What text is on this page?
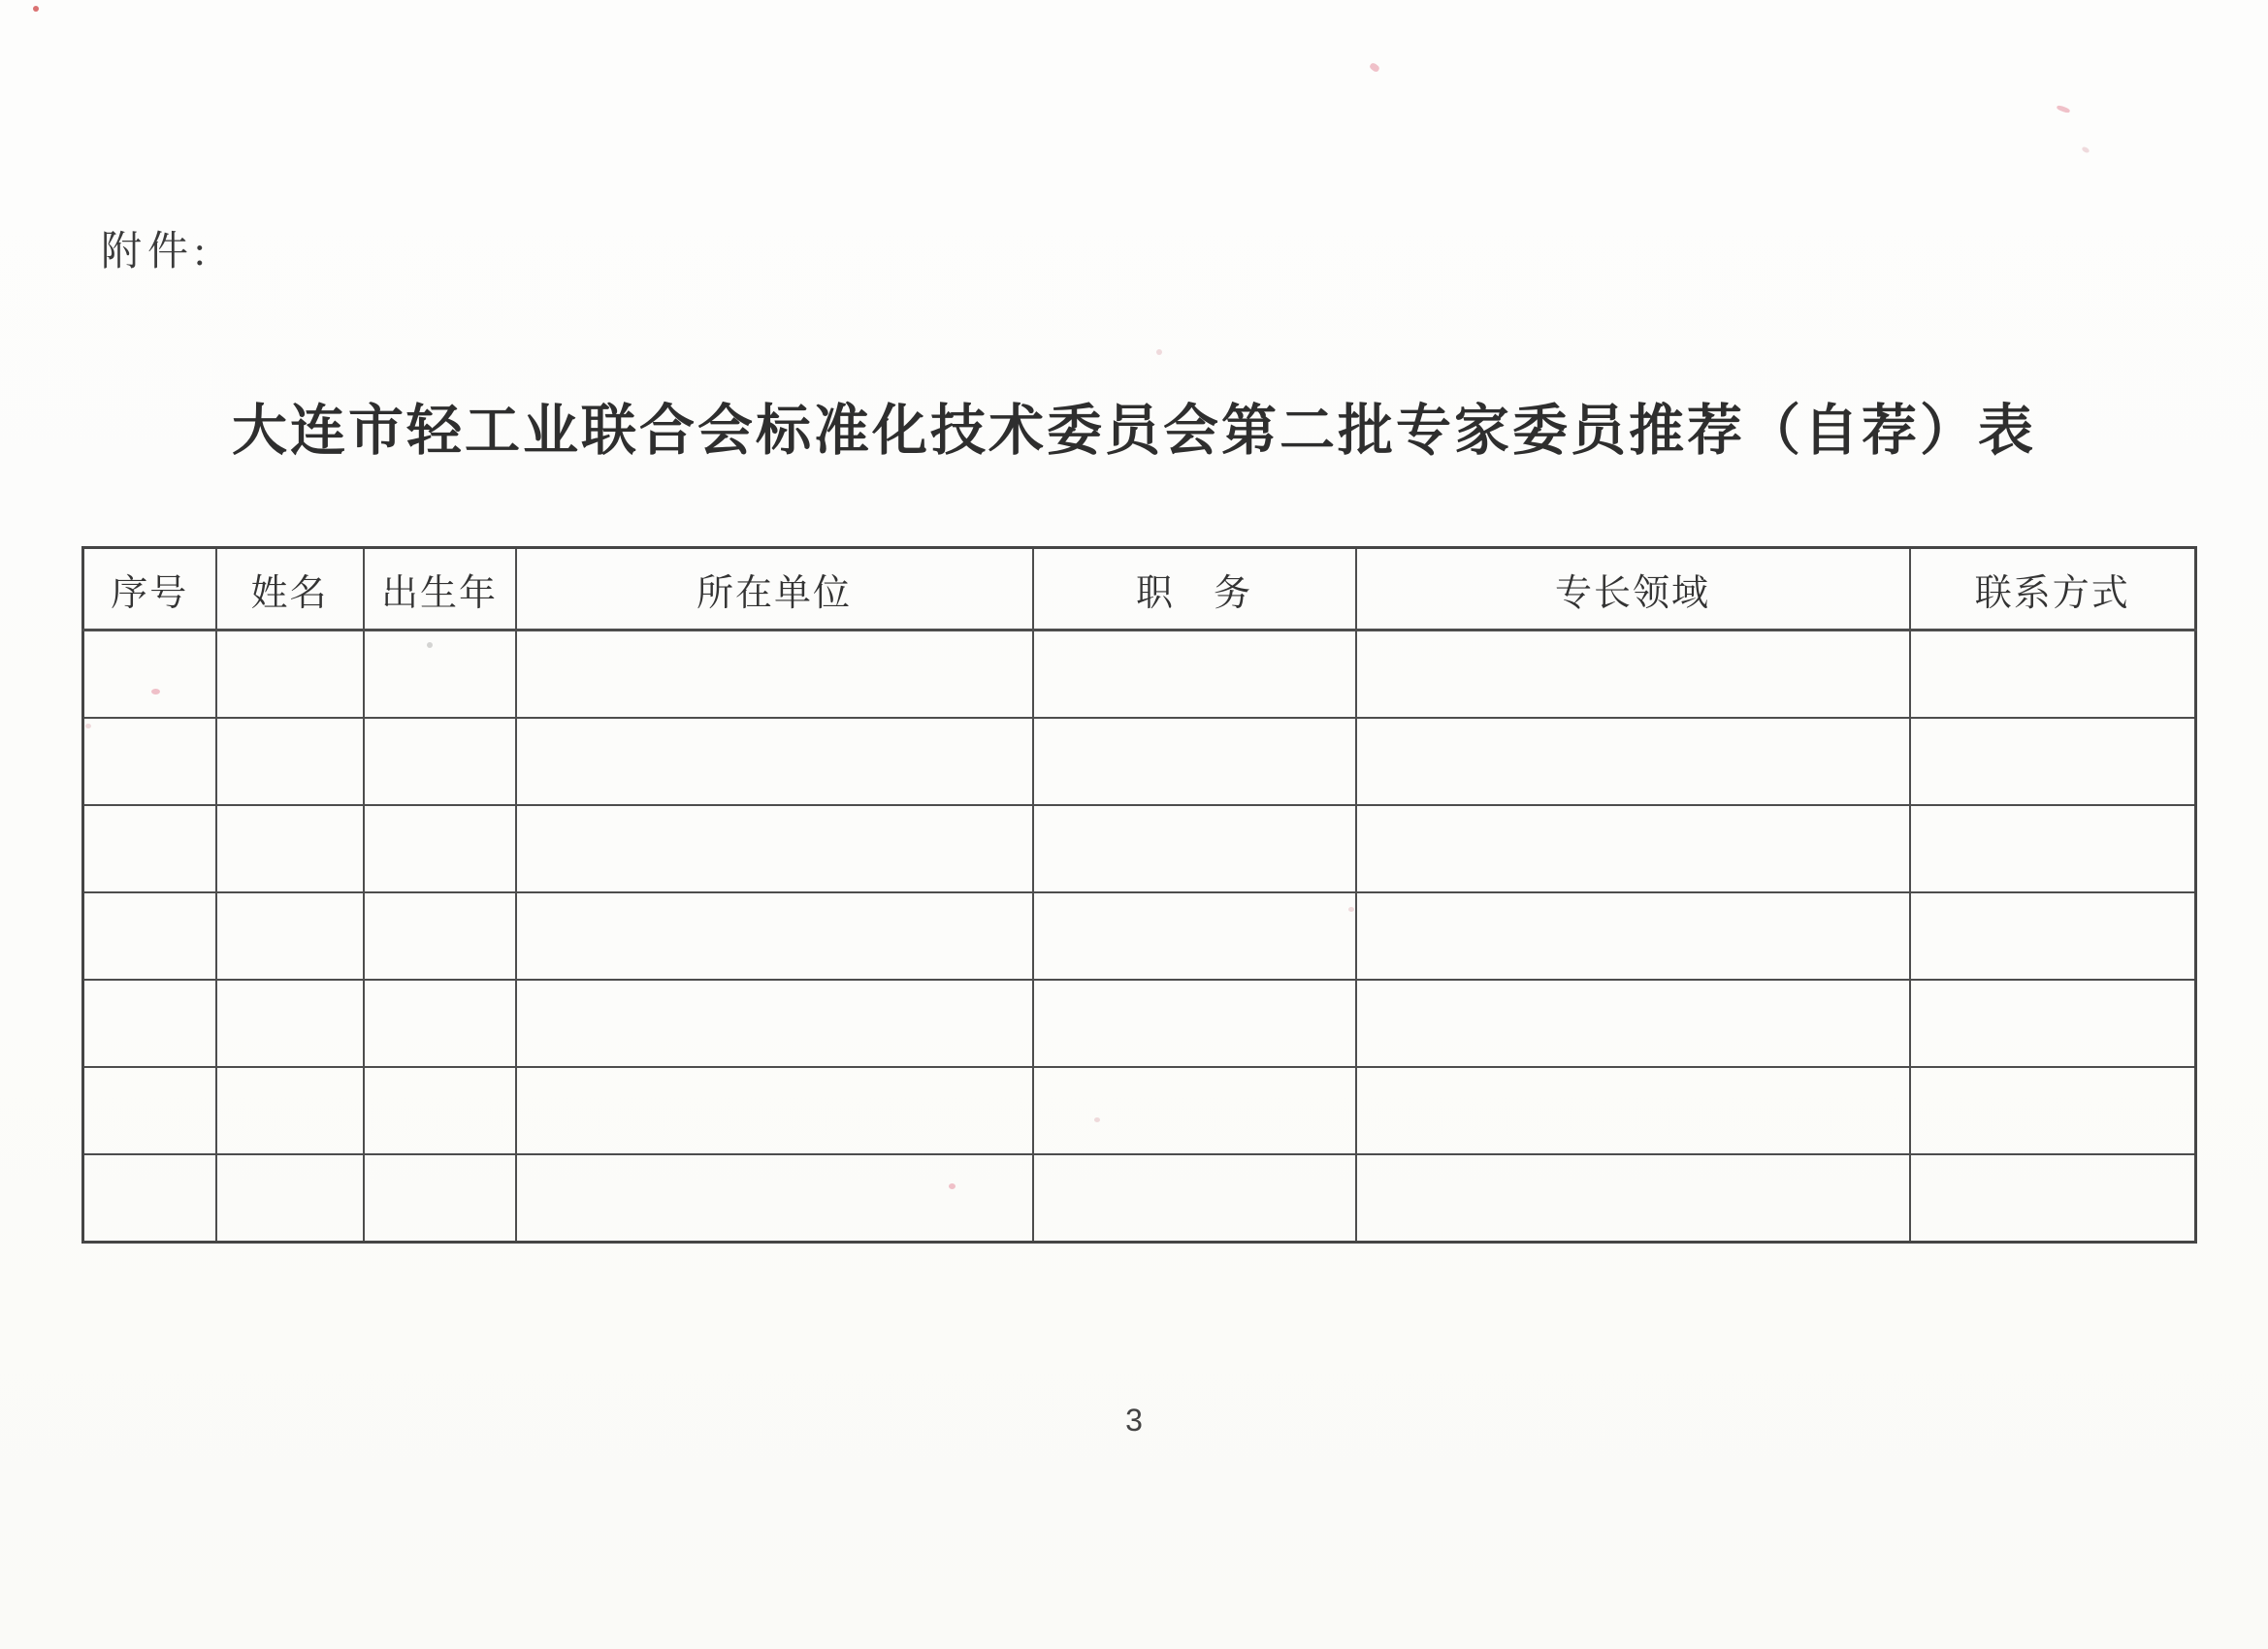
附件:
大连市轻工业联合会标准化技术委员会第二批专家委员推荐（自荐）表
序号	姓名	出生年	所在单位	职　务	专长领域	联系方式

3
